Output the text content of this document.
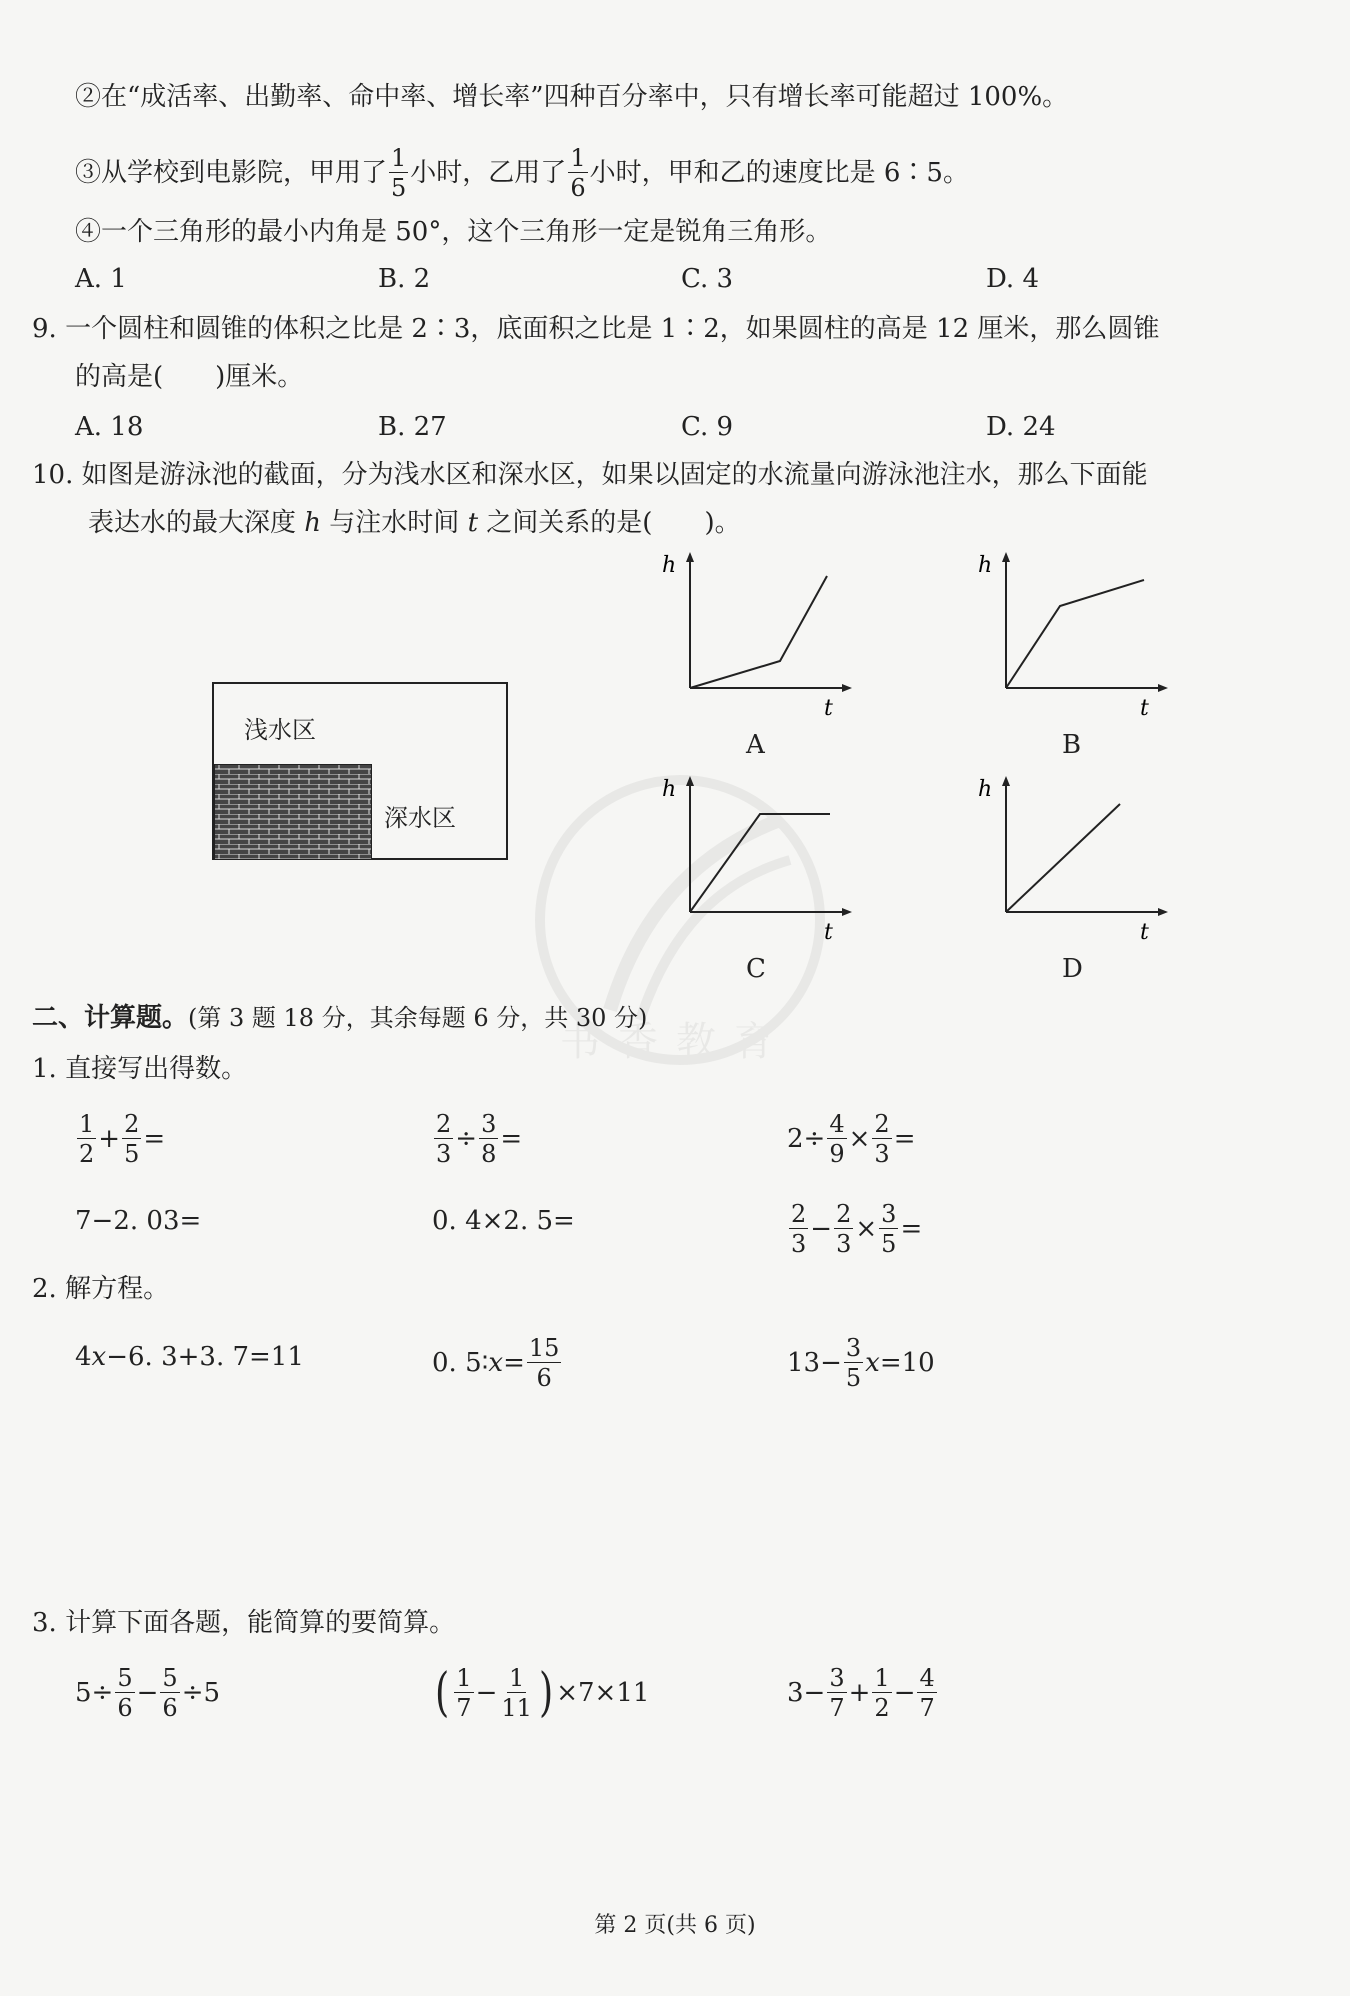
书香教育
②在“成活率、出勤率、命中率、增长率”四种百分率中，只有增长率可能超过 100%。
③从学校到电影院，甲用了 $\frac{1}{5}$ 小时，乙用了 $\frac{1}{6}$ 小时，甲和乙的速度比是 6∶5。
④一个三角形的最小内角是 50°，这个三角形一定是锐角三角形。
A. 1	B. 2	C. 3	D. 4
9. 一个圆柱和圆锥的体积之比是 2∶3，底面积之比是 1∶2，如果圆柱的高是 12 厘米，那么圆锥
的高是(　　)厘米。
A. 18	B. 27	C. 9	D. 24
10. 如图是游泳池的截面，分为浅水区和深水区，如果以固定的水流量向游泳池注水，那么下面能
表达水的最大深度
h
与注水时间
t
之间关系的是(　　)。
浅水区
深水区
h
t
A
h
t
B
h
t
C
h
t
D
二、计算题。 (第 3 题 18 分，其余每题 6 分，共 30 分)
1. 直接写出得数。
$\frac{1}{2} + \frac{2}{5}$ =	$\frac{2}{3} \div \frac{3}{8}$ =	$2\div \frac{4}{9} \times \frac{2}{3}$ =
7−2. 03=	0. 4×2. 5=	$\frac{2}{3} - \frac{2}{3} \times \frac{3}{5}$ =
2. 解方程。
4 x −6. 3+3. 7=11	0. 5∶ $x = \frac{15}{6}$	$13- \frac{3}{5}$ x =10
3. 计算下面各题，能简算的要简算。
$5\div \frac{5}{6} - \frac{5}{6} \div 5$	( $\frac{1}{7} - \frac{1}{11}$ ) ×7×11	$3- \frac{3}{7} + \frac{1}{2} - \frac{4}{7}$
第 2 页(共 6 页)
